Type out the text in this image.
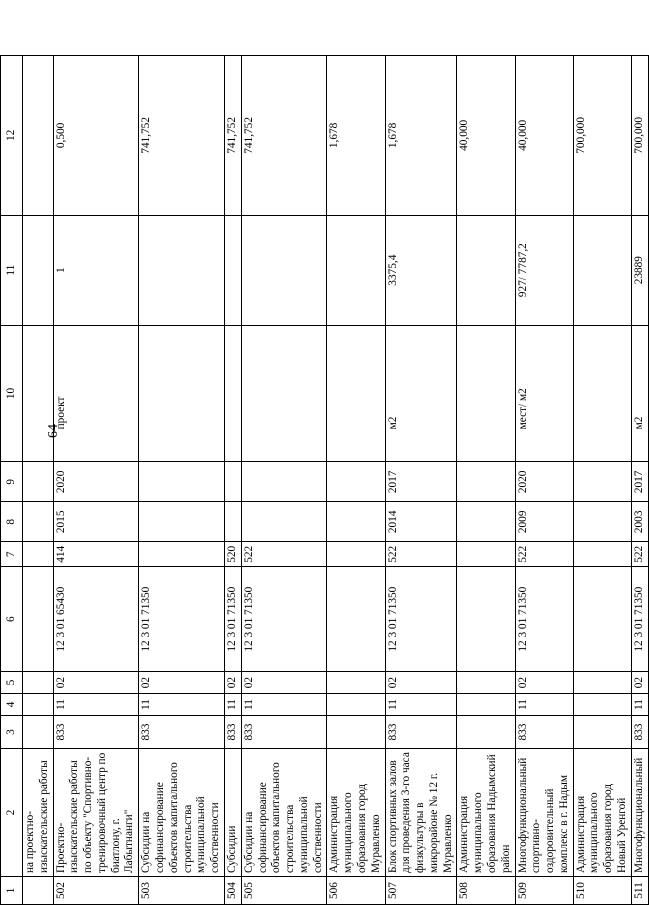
64
1	2	3	4	5	6	7	8	9	10	11	12
	на проектно-изыскательские работы										
502	Проектно-изыскательские работы по объекту "Спортивно-тренировочный центр по биатлону, г. Лабытнанги"	833	11	02	12 3 01 65430	414	2015	2020	проект	1	0,500
503	Субсидии на софинансирование объектов капитального строительства муниципальной собственности	833	11	02	12 3 01 71350						741,752
504	Субсидии	833	11	02	12 3 01 71350	520					741,752
505	Субсидии на софинансирование объектов капитального строительства муниципальной собственности	833	11	02	12 3 01 71350	522					741,752
506	Администрация муниципального образования город Муравленко										1,678
507	Блок спортивных залов для проведения 3-го часа физкультуры в микрорайоне № 12 г. Муравленко	833	11	02	12 3 01 71350	522	2014	2017	м2	3375,4	1,678
508	Администрация муниципального образования Надымский район										40,000
509	Многофункциональный спортивно-оздоровительный комплекс в г. Надым	833	11	02	12 3 01 71350	522	2009	2020	мест/ м2	927/ 7787,2	40,000
510	Администрация муниципального образования город Новый Уренгой										700,000
511	Многофункциональный	833	11	02	12 3 01 71350	522	2003	2017	м2	23889	700,000
